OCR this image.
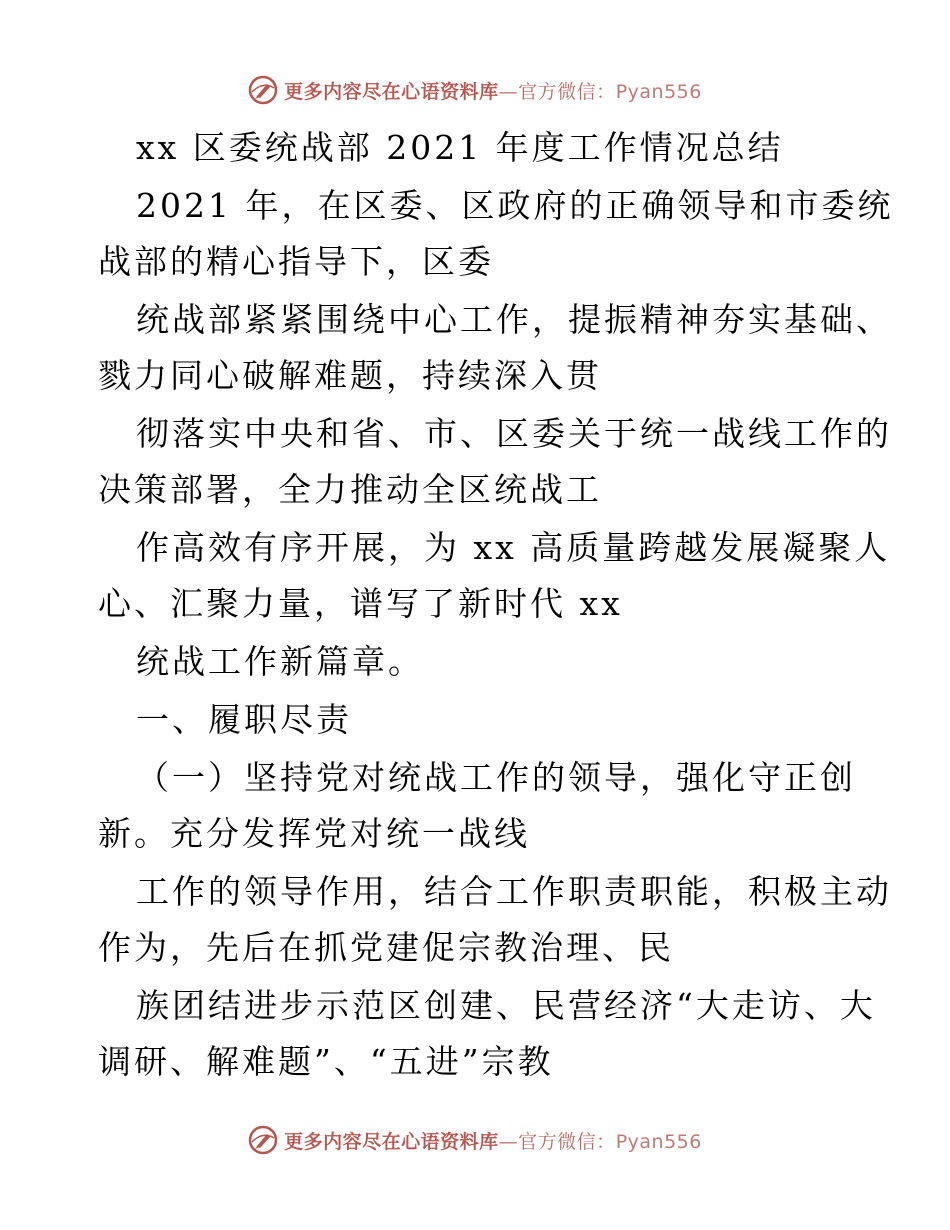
更多内容尽在心语资料库—官方微信：Pyan556
xx 区委统战部 2021 年度工作情况总结
2021 年，在区委、区政府的正确领导和市委统
战部的精心指导下，区委
统战部紧紧围绕中心工作，提振精神夯实基础、
戮力同心破解难题，持续深入贯
彻落实中央和省、市、区委关于统一战线工作的
决策部署，全力推动全区统战工
作高效有序开展，为 xx 高质量跨越发展凝聚人
心、汇聚力量，谱写了新时代 xx
统战工作新篇章。
一、履职尽责
（一）坚持党对统战工作的领导，强化守正创
新。充分发挥党对统一战线
工作的领导作用，结合工作职责职能，积极主动
作为，先后在抓党建促宗教治理、民
族团结进步示范区创建、民营经济“大走访、大
调研、解难题”、“五进”宗教
更多内容尽在心语资料库—官方微信：Pyan556
